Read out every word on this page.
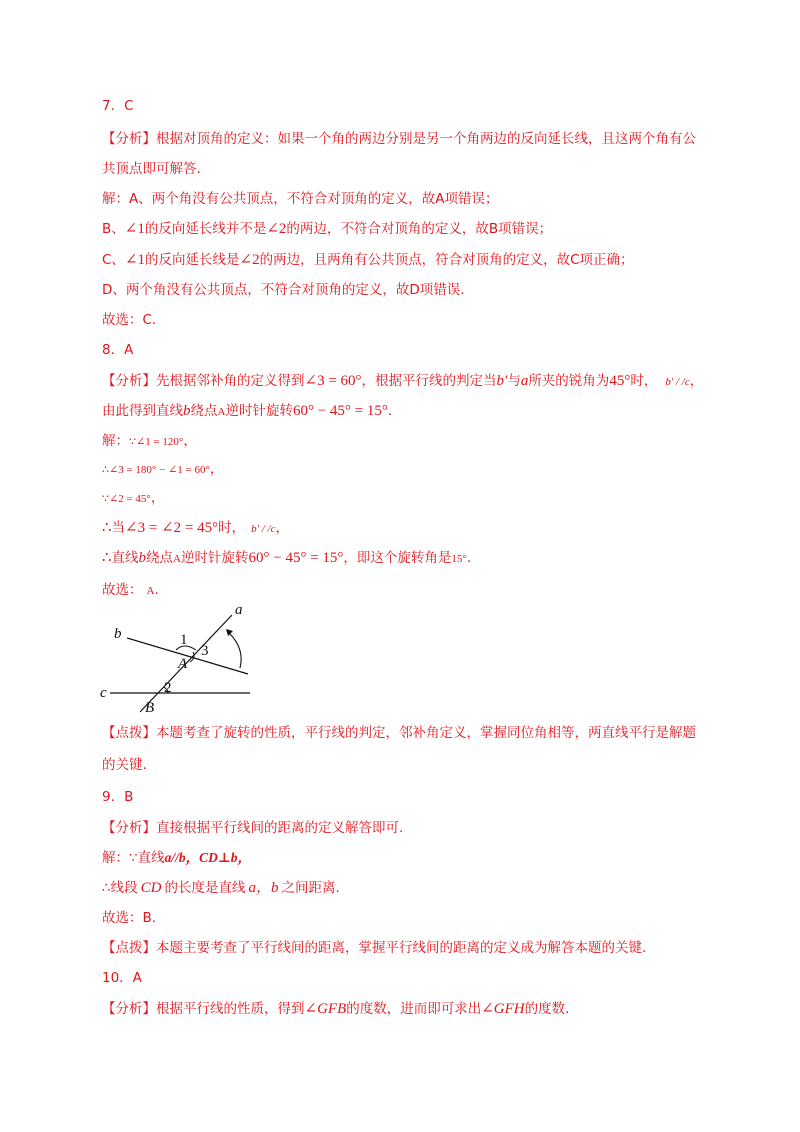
7．C
【分析】根据对顶角的定义：如果一个角的两边分别是另一个角两边的反向延长线，且这两个角有公
共顶点即可解答.
解：A、两个角没有公共顶点，不符合对顶角的定义，故A项错误；
B、∠1的反向延长线并不是∠2的两边，不符合对顶角的定义，故B项错误；
C、∠1的反向延长线是∠2的两边，且两角有公共顶点，符合对顶角的定义，故C项正确；
D、两个角没有公共顶点，不符合对顶角的定义，故D项错误.
故选：C.
8．A
【分析】先根据邻补角的定义得到∠3 = 60°，根据平行线的判定当b′与a所夹的锐角为45°时， b′ / /c，
由此得到直线b绕点A逆时针旋转60° − 45° = 15°.
解：∵∠1 = 120°，
∴∠3 = 180° − ∠1 = 60°，
∵∠2 = 45°，
∴当∠3 = ∠2 = 45°时， b′ / /c，
∴直线b绕点A逆时针旋转60° − 45° = 15°，即这个旋转角是15°.
故选： A.
a
b
c
1
3
A
2
B
【点拨】本题考查了旋转的性质，平行线的判定，邻补角定义，掌握同位角相等，两直线平行是解题
的关键.
9．B
【分析】直接根据平行线间的距离的定义解答即可.
解：∵直线a//b，CD⊥b，
∴线段 CD 的长度是直线 a，b 之间距离.
故选：B.
【点拨】本题主要考查了平行线间的距离，掌握平行线间的距离的定义成为解答本题的关键.
10．A
【分析】根据平行线的性质，得到∠GFB的度数，进而即可求出∠GFH的度数.
